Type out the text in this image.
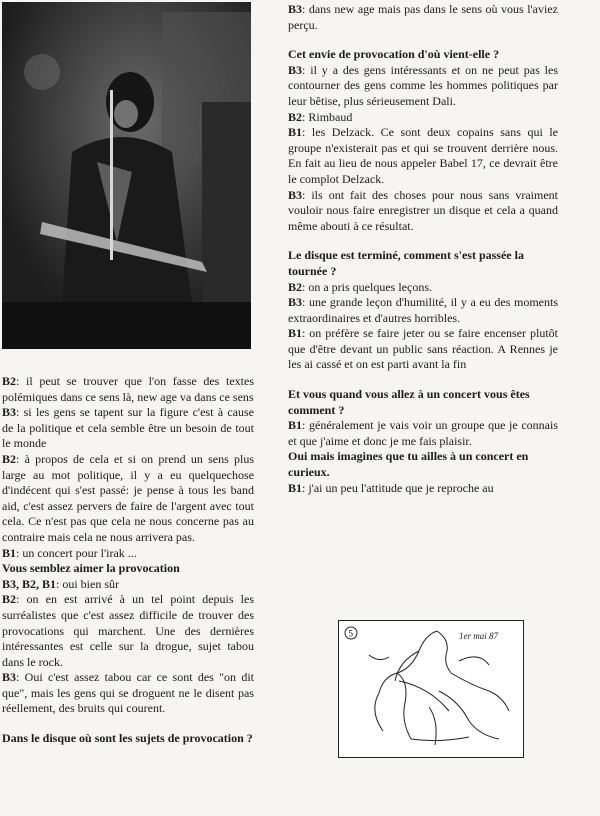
B2: il peut se trouver que l'on fasse des textes polémiques dans ce sens là, new age va dans ce sens

B3: si les gens se tapent sur la figure c'est à cause de la politique et cela semble être un besoin de tout le monde

B2: à propos de cela et si on prend un sens plus large au mot politique, il y a eu quelquechose d'indécent qui s'est passé: je pense à tous les band aid, c'est assez pervers de faire de l'argent avec tout cela. Ce n'est pas que cela ne nous concerne pas au contraire mais cela ne nous arrivera pas.

B1: un concert pour l'irak ...

Vous semblez aimer la provocation

B3, B2, B1: oui bien sûr

B2: on en est arrivé à un tel point depuis les surréalistes que c'est assez difficile de trouver des provocations qui marchent. Une des dernières intéressantes est celle sur la drogue, sujet tabou dans le rock.

B3: Oui c'est assez tabou car ce sont des "on dit que", mais les gens qui se droguent ne le disent pas réellement, des bruits qui courent.

Dans le disque où sont les sujets de provocation ?

B3: dans new age mais pas dans le sens où vous l'aviez perçu.

Cet envie de provocation d'où vient-elle ?

B3: il y a des gens intéressants et on ne peut pas les contourner des gens comme les hommes politiques par leur bêtise, plus sérieusement Dali.

B2: Rimbaud

B1: les Delzack. Ce sont deux copains sans qui le groupe n'existerait pas et qui se trouvent derrière nous. En fait au lieu de nous appeler Babel 17, ce devrait être le complot Delzack.

B3: ils ont fait des choses pour nous sans vraiment vouloir nous faire enregistrer un disque et cela a quand même abouti à ce résultat.

Le disque est terminé, comment s'est passée la tournée ?

B2: on a pris quelques leçons.

B3: une grande leçon d'humilité, il y a eu des moments extraordinaires et d'autres horribles.

B1: on préfère se faire jeter ou se faire encenser plutôt que d'être devant un public sans réaction. A Rennes je les ai cassé et on est parti avant la fin

Et vous quand vous allez à un concert vous êtes comment ?

B1: généralement je vais voir un groupe que je connais et que j'aime et donc je me fais plaisir.

Oui mais imagines que tu ailles à un concert en curieux.

B1: j'ai un peu l'attitude que je reproche au

5	1er mai 87
